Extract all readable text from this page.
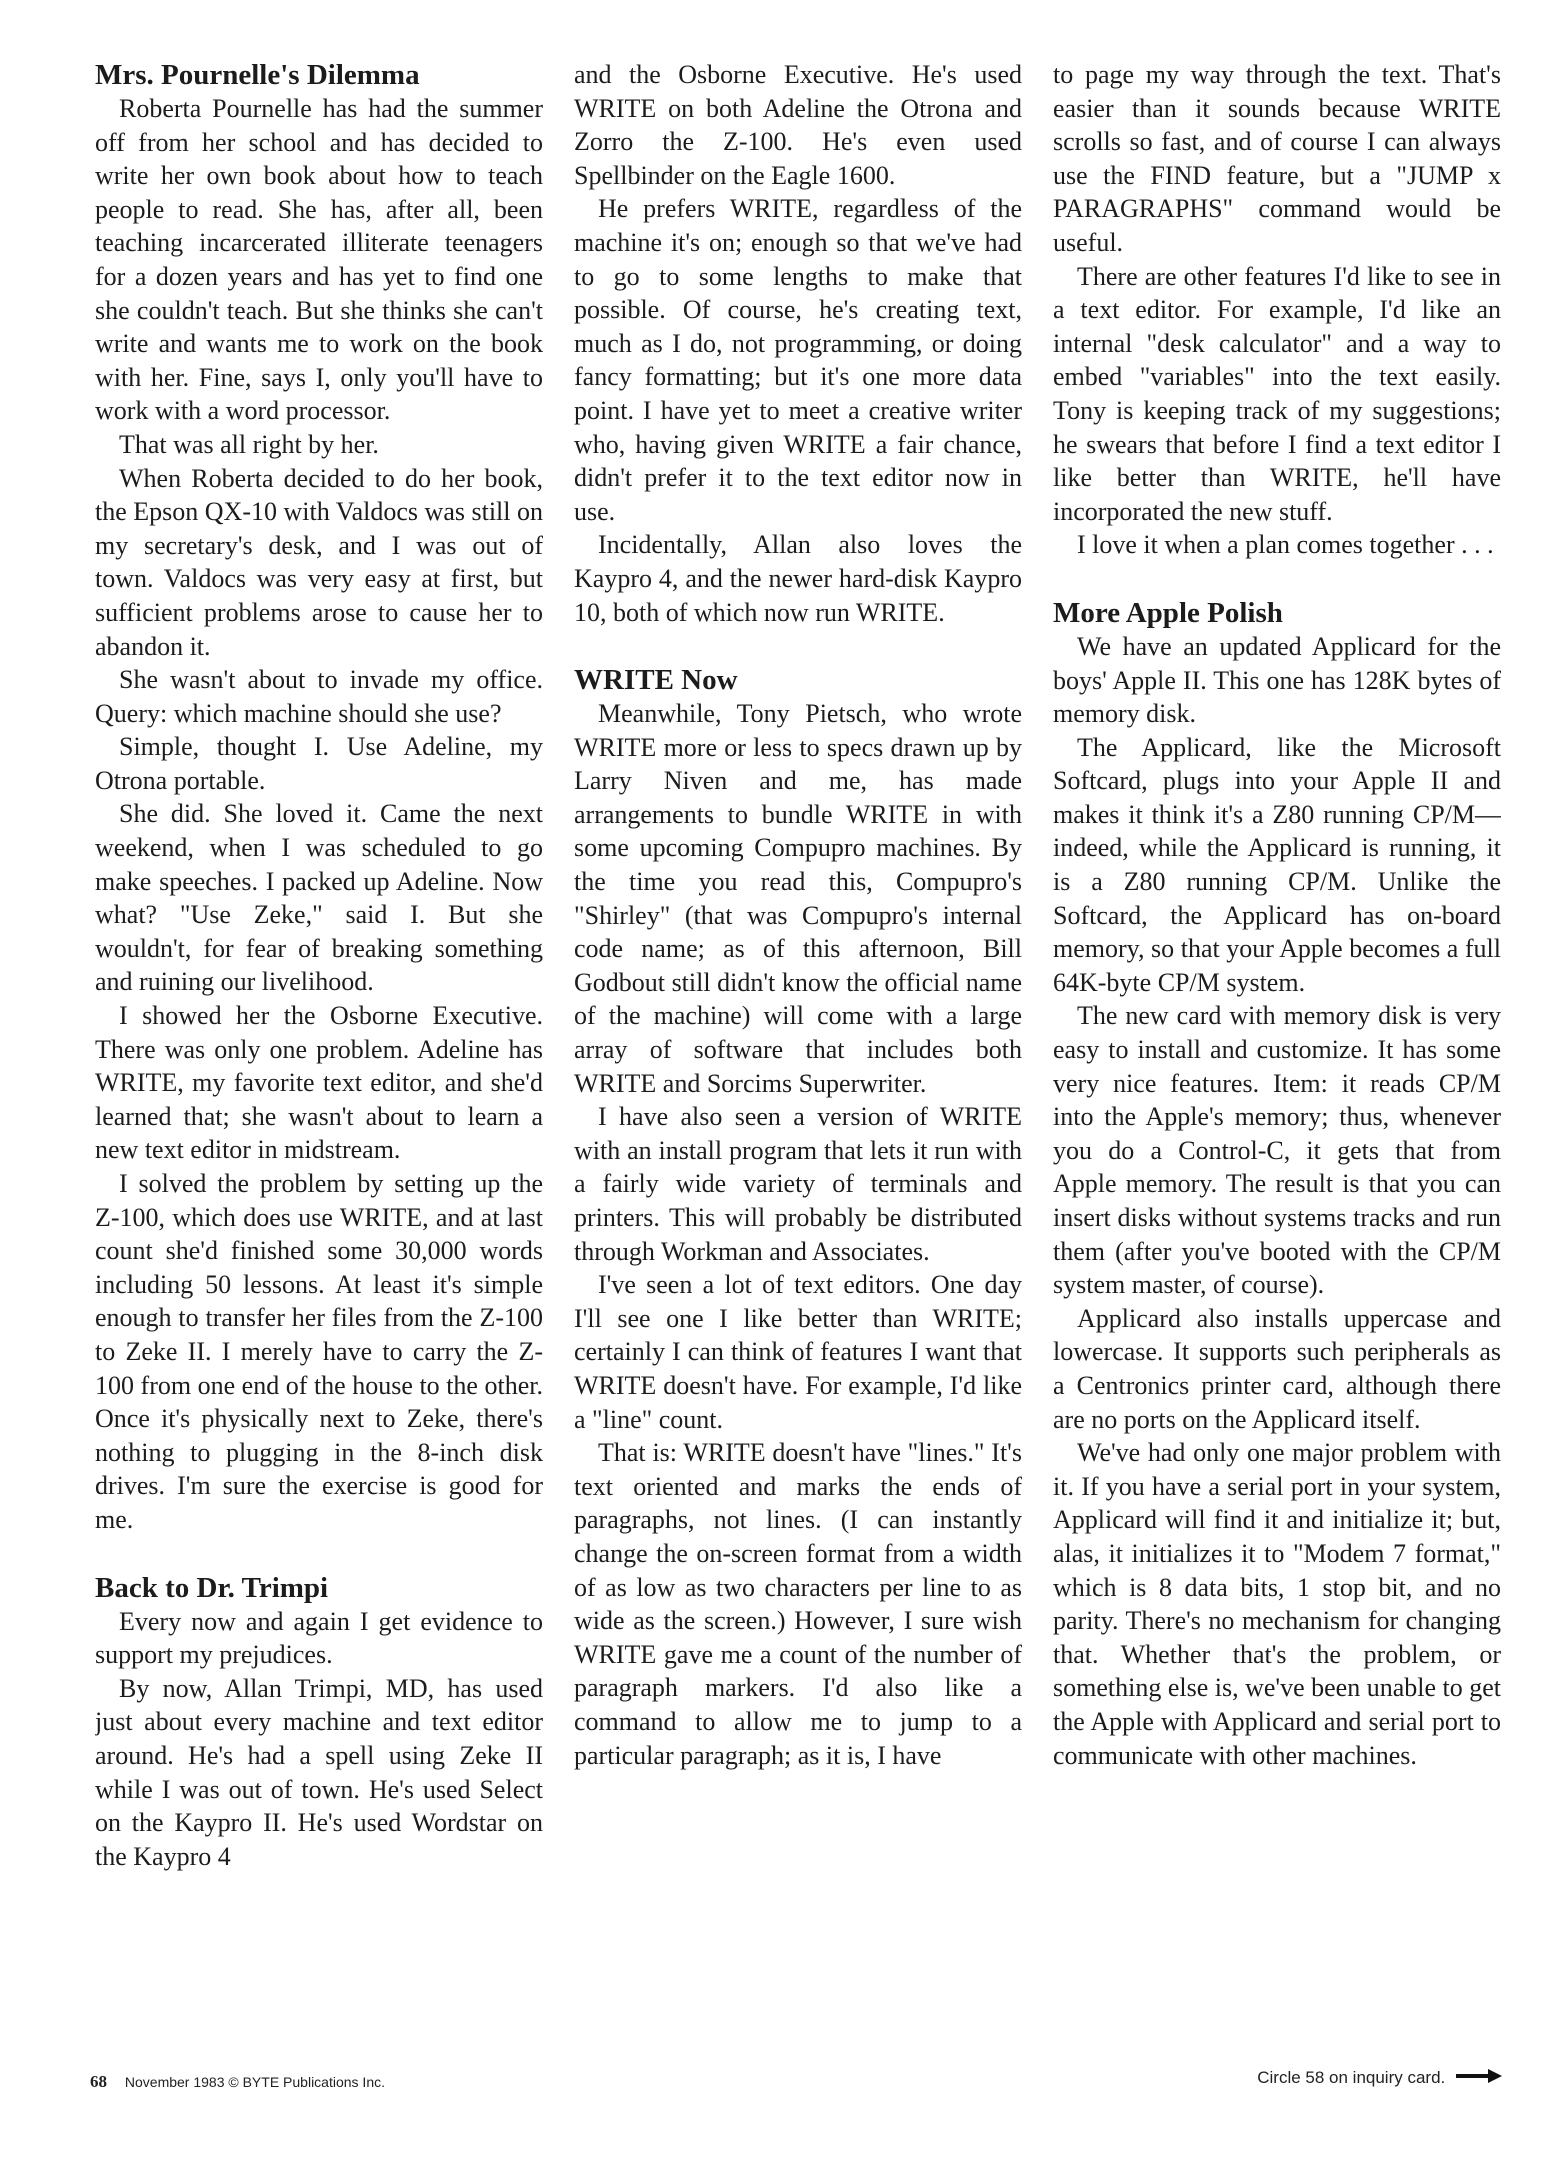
Mrs. Pournelle's Dilemma

Roberta Pournelle has had the summer off from her school and has decided to write her own book about how to teach people to read. She has, after all, been teaching incarcerated illiterate teenagers for a dozen years and has yet to find one she couldn't teach. But she thinks she can't write and wants me to work on the book with her. Fine, says I, only you'll have to work with a word processor.

That was all right by her.

When Roberta decided to do her book, the Epson QX-10 with Valdocs was still on my secretary's desk, and I was out of town. Valdocs was very easy at first, but sufficient problems arose to cause her to abandon it.

She wasn't about to invade my office. Query: which machine should she use?

Simple, thought I. Use Adeline, my Otrona portable.

She did. She loved it. Came the next weekend, when I was scheduled to go make speeches. I packed up Adeline. Now what? "Use Zeke," said I. But she wouldn't, for fear of breaking something and ruining our livelihood.

I showed her the Osborne Executive. There was only one problem. Adeline has WRITE, my favorite text editor, and she'd learned that; she wasn't about to learn a new text editor in midstream.

I solved the problem by setting up the Z-100, which does use WRITE, and at last count she'd finished some 30,000 words including 50 lessons. At least it's simple enough to transfer her files from the Z-100 to Zeke II. I merely have to carry the Z-100 from one end of the house to the other. Once it's physically next to Zeke, there's nothing to plugging in the 8-inch disk drives. I'm sure the exercise is good for me.

Back to Dr. Trimpi

Every now and again I get evidence to support my prejudices.

By now, Allan Trimpi, MD, has used just about every machine and text editor around. He's had a spell using Zeke II while I was out of town. He's used Select on the Kaypro II. He's used Wordstar on the Kaypro 4

and the Osborne Executive. He's used WRITE on both Adeline the Otrona and Zorro the Z-100. He's even used Spellbinder on the Eagle 1600.

He prefers WRITE, regardless of the machine it's on; enough so that we've had to go to some lengths to make that possible. Of course, he's creating text, much as I do, not programming, or doing fancy formatting; but it's one more data point. I have yet to meet a creative writer who, having given WRITE a fair chance, didn't prefer it to the text editor now in use.

Incidentally, Allan also loves the Kaypro 4, and the newer hard-disk Kaypro 10, both of which now run WRITE.

WRITE Now

Meanwhile, Tony Pietsch, who wrote WRITE more or less to specs drawn up by Larry Niven and me, has made arrangements to bundle WRITE in with some upcoming Compupro machines. By the time you read this, Compupro's "Shirley" (that was Compupro's internal code name; as of this afternoon, Bill Godbout still didn't know the official name of the machine) will come with a large array of software that includes both WRITE and Sorcims Superwriter.

I have also seen a version of WRITE with an install program that lets it run with a fairly wide variety of terminals and printers. This will probably be distributed through Workman and Associates.

I've seen a lot of text editors. One day I'll see one I like better than WRITE; certainly I can think of features I want that WRITE doesn't have. For example, I'd like a "line" count.

That is: WRITE doesn't have "lines." It's text oriented and marks the ends of paragraphs, not lines. (I can instantly change the on-screen format from a width of as low as two characters per line to as wide as the screen.) However, I sure wish WRITE gave me a count of the number of paragraph markers. I'd also like a command to allow me to jump to a particular paragraph; as it is, I have

to page my way through the text. That's easier than it sounds because WRITE scrolls so fast, and of course I can always use the FIND feature, but a "JUMP x PARAGRAPHS" command would be useful.

There are other features I'd like to see in a text editor. For example, I'd like an internal "desk calculator" and a way to embed "variables" into the text easily. Tony is keeping track of my suggestions; he swears that before I find a text editor I like better than WRITE, he'll have incorporated the new stuff.

I love it when a plan comes together . . .

More Apple Polish

We have an updated Applicard for the boys' Apple II. This one has 128K bytes of memory disk.

The Applicard, like the Microsoft Softcard, plugs into your Apple II and makes it think it's a Z80 running CP/M—indeed, while the Applicard is running, it is a Z80 running CP/M. Unlike the Softcard, the Applicard has on-board memory, so that your Apple becomes a full 64K-byte CP/M system.

The new card with memory disk is very easy to install and customize. It has some very nice features. Item: it reads CP/M into the Apple's memory; thus, whenever you do a Control-C, it gets that from Apple memory. The result is that you can insert disks without systems tracks and run them (after you've booted with the CP/M system master, of course).

Applicard also installs uppercase and lowercase. It supports such peripherals as a Centronics printer card, although there are no ports on the Applicard itself.

We've had only one major problem with it. If you have a serial port in your system, Applicard will find it and initialize it; but, alas, it initializes it to "Modem 7 format," which is 8 data bits, 1 stop bit, and no parity. There's no mechanism for changing that. Whether that's the problem, or something else is, we've been unable to get the Apple with Applicard and serial port to communicate with other machines.

68 November 1983 © BYTE Publications Inc.	Circle 58 on inquiry card.
